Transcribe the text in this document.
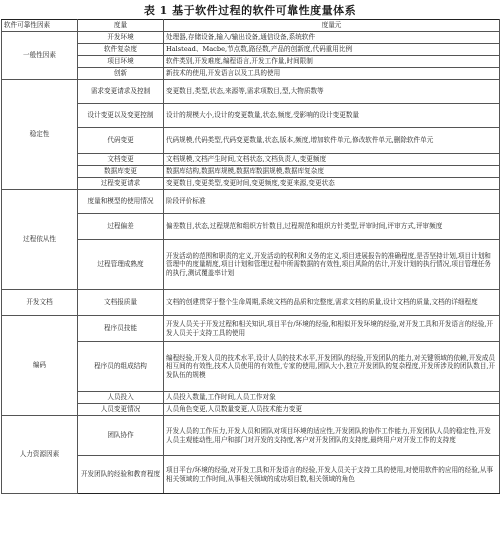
表 1 基于软件过程的软件可靠性度量体系
软件可靠性因素	度量	度量元
一般性因素	开发环境	处理器,存储设备,输入/输出设备,通信设备,系统软件
	软件复杂度	Halstead、Macbe,节点数,路径数,产品的创新度,代码重用比例
	项目环境	软件类别,开发难度,编程语言,开发工作量,时间限制
	创新	新技术的使用,开发语言以及工具的使用
稳定性	需求变更请求及控制	变更数目,类型,状态,来源等,需求项数目,型,大物质数等
	设计变更以及变更控制	设计的规模大小,设计的变更数量,状态,频度,受影响的设计变更数量
	代码变更	代码规模,代码类型,代码变更数量,状态,版本,频度,增加软件单元,修改软件单元,删除软件单元
	文档变更	文档规模,文档产生时间,文档状态,文档负责人,变更频度
	数据库变更	数据库结构,数据库规模,数据库数据规模,数据库复杂度
	过程变更请求	变更数目,变更类型,变更时间,变更频度,变更来源,变更状态
过程依从性	度量和模型的使用情况	阶段评价标准
	过程偏差	偏差数目,状态,过程规范和组织方针数目,过程规范和组织方针类型,评审时间,评审方式,评审频度
	过程管理成熟度	开发活动的范围和职责的定义,开发活动的权利和义务的定义,项目进展报告的准确程度,是否坚持计划,项目计划和管理中的度量精度,项目计划和管理过程中所需数据的有效性,项目风险的估计,开发计划的执行情况,项目管理任务的执行,测试覆盖率计划
开发文档	文档报质量	文档的创建贯穿于整个生命周期,系统文档的品质和完整度,需求文档的质量,设计文档的质量,文档的详细程度
编码	程序员技能	开发人员关于开发过程和相关知识,项目平台/环境的经验,和相似开发环境的经验,对开发工具和开发语言的经验,开发人员关于支持工具的使用
	程序员的组成结构	编程经验,开发人员的技术水平,设计人员的技术水平,开发团队的经验,开发团队的能力,对关键领域的依赖,开发成员相互间的有效性,技术人员使用的有效性,专家的使用,团队大小,独立开发团队的复杂程度,开发所涉及的团队数目,开发队伍的规模
	人员投入	人员投入数量,工作时间,人员工作对象
	人员变更情况	人员角色变更,人员数量变更,人员技术能力变更
人力资源因素	团队协作	开发人员的工作压力,开发人员和团队对项目环境的适应性,开发团队的协作工作能力,开发团队人员的稳定性,开发人员主观能动性,用户和部门对开发的支持度,客户对开发团队的支持度,最终用户对开发工作的支持度
	开发团队的经验和教育程度	项目平台/环境的经验,对开发工具和开发语言的经验,开发人员关于支持工具的使用,对使用软件的应用的经验,从事相关领域的工作时间,从事相关领域的成功项目数,相关领域的角色
